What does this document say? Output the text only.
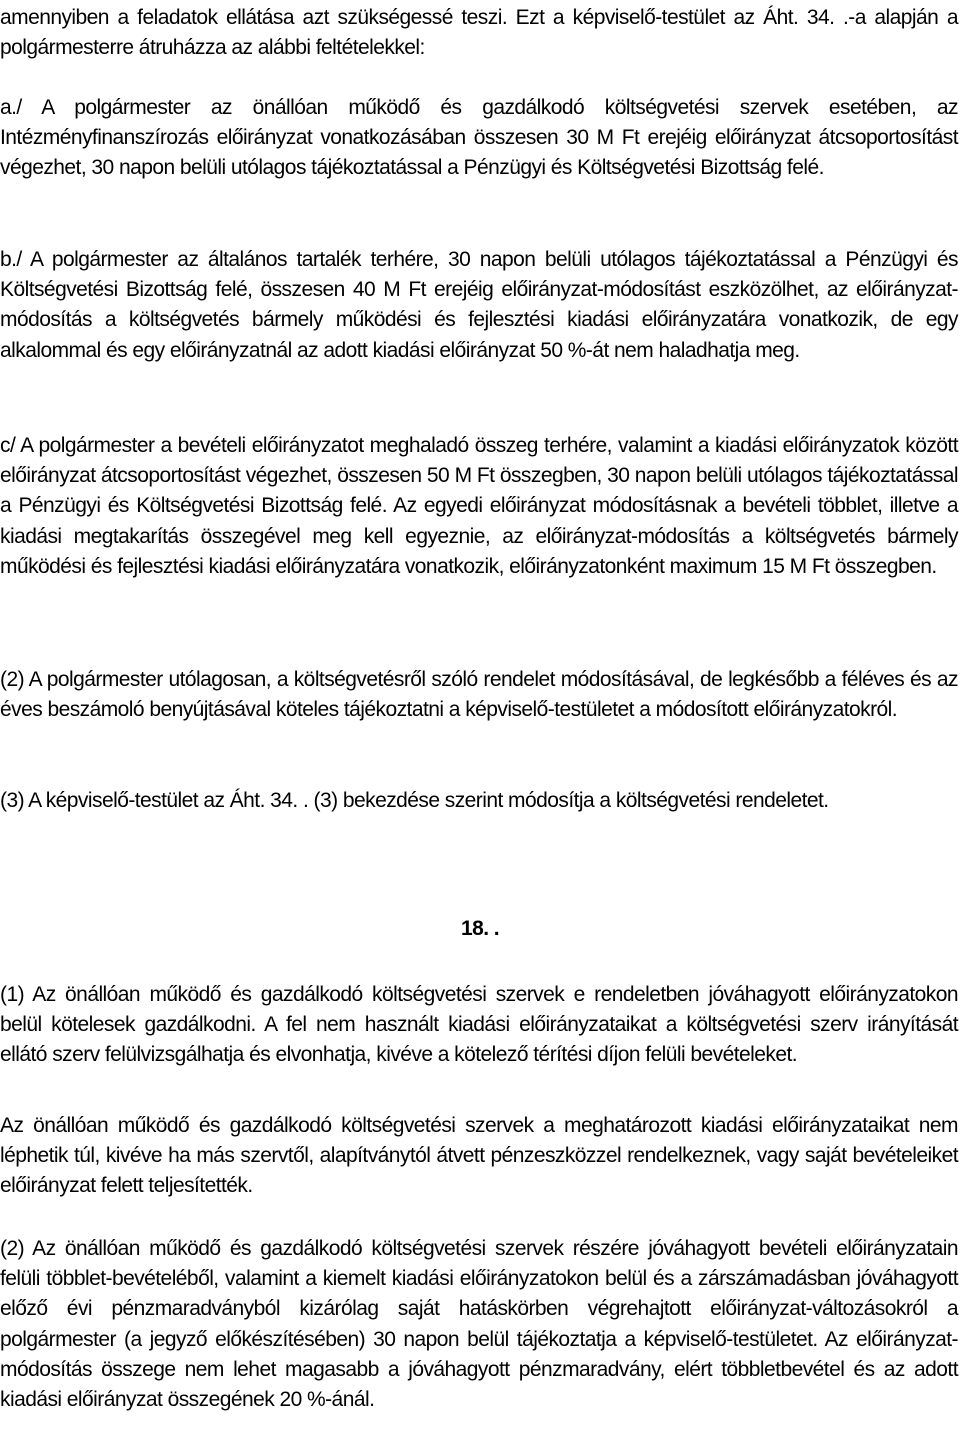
amennyiben a feladatok ellátása azt szükségessé teszi. Ezt a képviselő-testület az Áht. 34. .-a alapján a polgármesterre átruházza az alábbi feltételekkel:

a./ A polgármester az önállóan működő és gazdálkodó költségvetési szervek esetében, az Intézményfinanszírozás előirányzat vonatkozásában összesen 30 M Ft erejéig előirányzat átcsoportosítást végezhet, 30 napon belüli utólagos tájékoztatással a Pénzügyi és Költségvetési Bizottság felé.

b./ A polgármester az általános tartalék terhére, 30 napon belüli utólagos tájékoztatással a Pénzügyi és Költségvetési Bizottság felé, összesen 40 M Ft erejéig előirányzat-módosítást eszközölhet, az előirányzat-módosítás a költségvetés bármely működési és fejlesztési kiadási előirányzatára vonatkozik, de egy alkalommal és egy előirányzatnál az adott kiadási előirányzat 50 %-át nem haladhatja meg.

c/ A polgármester a bevételi előirányzatot meghaladó összeg terhére, valamint a kiadási előirányzatok között előirányzat átcsoportosítást végezhet, összesen 50 M Ft összegben, 30 napon belüli utólagos tájékoztatással a Pénzügyi és Költségvetési Bizottság felé. Az egyedi előirányzat módosításnak a bevételi többlet, illetve a kiadási megtakarítás összegével meg kell egyeznie, az előirányzat-módosítás a költségvetés bármely működési és fejlesztési kiadási előirányzatára vonatkozik, előirányzatonként maximum 15 M Ft összegben.

(2) A polgármester utólagosan, a költségvetésről szóló rendelet módosításával, de legkésőbb a féléves és az éves beszámoló benyújtásával köteles tájékoztatni a képviselő-testületet a módosított előirányzatokról.

(3) A képviselő-testület az Áht. 34. . (3) bekezdése szerint módosítja a költségvetési rendeletet.

18. .

(1) Az önállóan működő és gazdálkodó költségvetési szervek e rendeletben jóváhagyott előirányzatokon belül kötelesek gazdálkodni. A fel nem használt kiadási előirányzataikat a költségvetési szerv irányítását ellátó szerv felülvizsgálhatja és elvonhatja, kivéve a kötelező térítési díjon felüli bevételeket.

Az önállóan működő és gazdálkodó költségvetési szervek a meghatározott kiadási előirányzataikat nem léphetik túl, kivéve ha más szervtől, alapítványtól átvett pénzeszközzel rendelkeznek, vagy saját bevételeiket előirányzat felett teljesítették.

(2) Az önállóan működő és gazdálkodó költségvetési szervek részére jóváhagyott bevételi előirányzatain felüli többlet-bevételéből, valamint a kiemelt kiadási előirányzatokon belül és a zárszámadásban jóváhagyott előző évi pénzmaradványból kizárólag saját hatáskörben végrehajtott előirányzat-változásokról a polgármester (a jegyző előkészítésében) 30 napon belül tájékoztatja a képviselő-testületet. Az előirányzat-módosítás összege nem lehet magasabb a jóváhagyott pénzmaradvány, elért többletbevétel és az adott kiadási előirányzat összegének 20 %-ánál.
